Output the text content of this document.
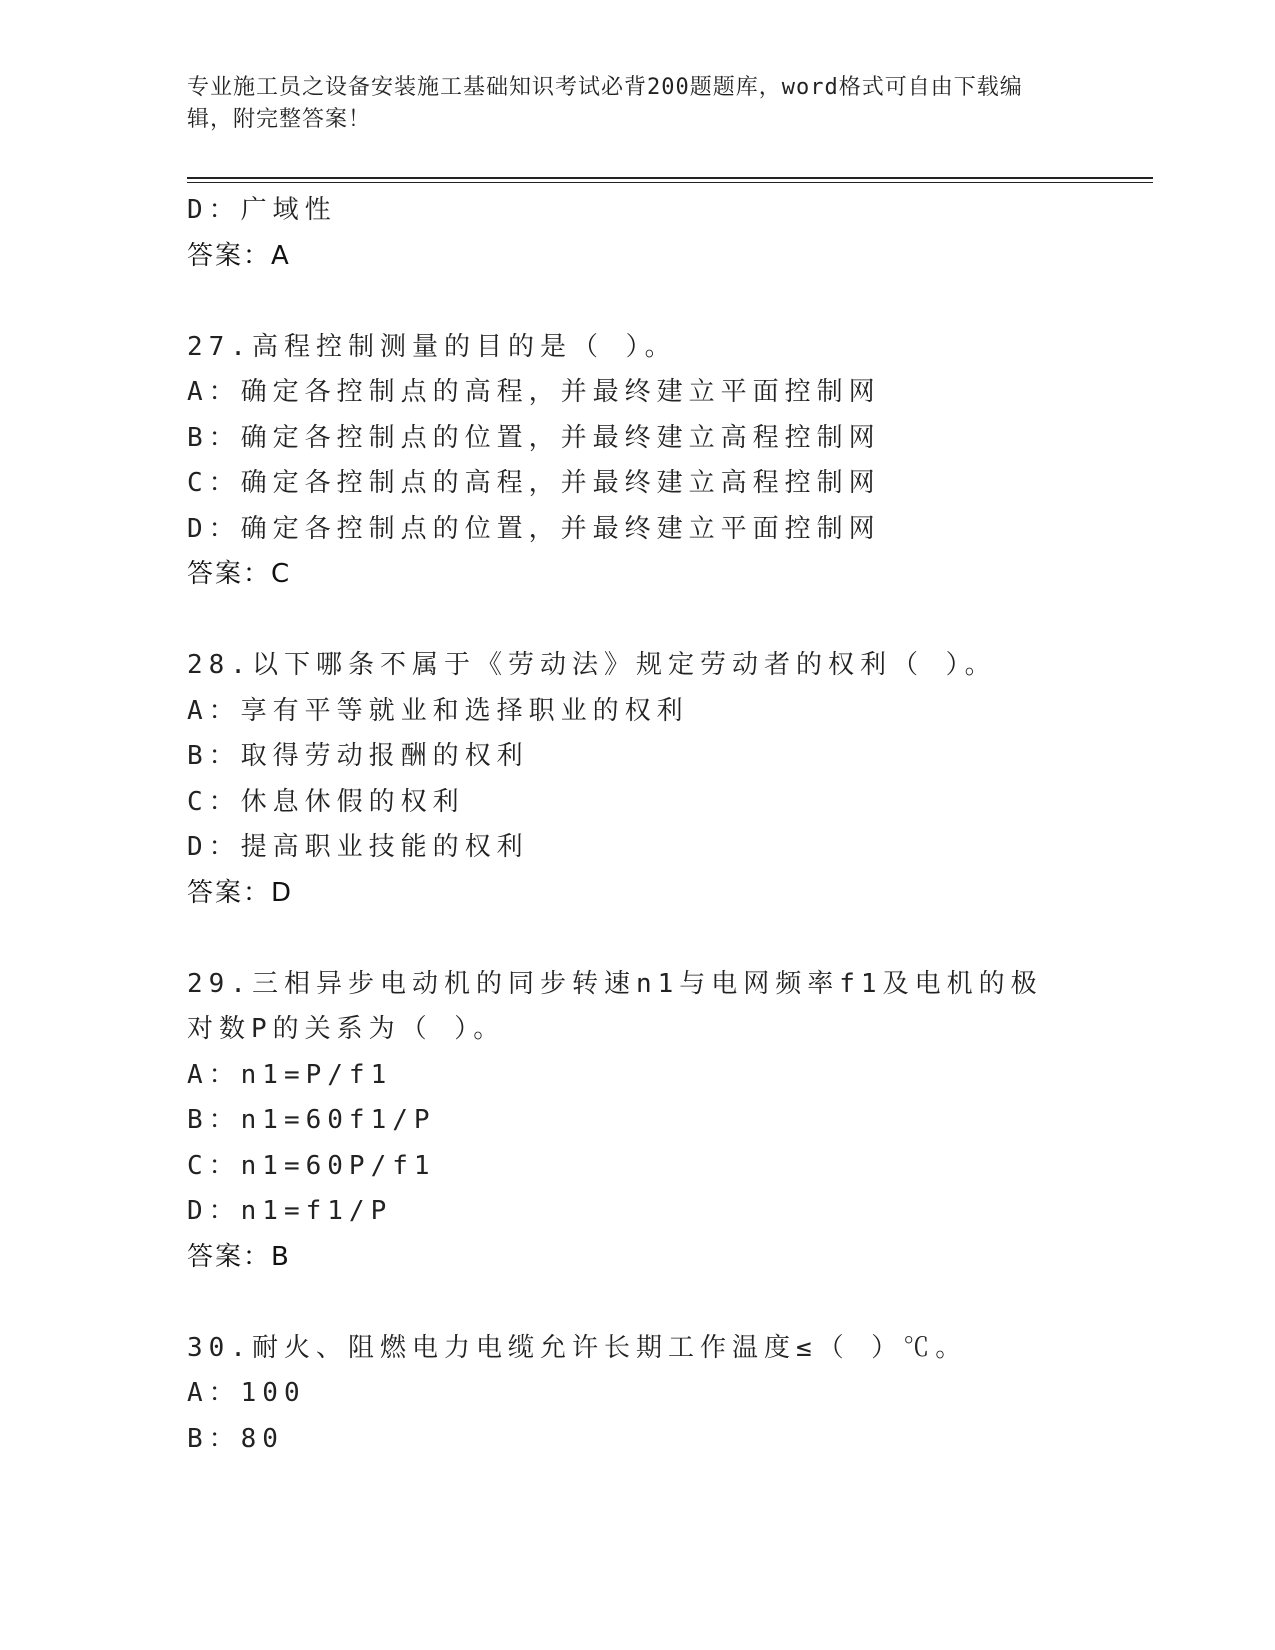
专业施工员之设备安装施工基础知识考试必背200题题库，word格式可自由下载编辑，附完整答案！
D：广域性
答案：A
27.高程控制测量的目的是（ ）。
A：确定各控制点的高程，并最终建立平面控制网
B：确定各控制点的位置，并最终建立高程控制网
C：确定各控制点的高程，并最终建立高程控制网
D：确定各控制点的位置，并最终建立平面控制网
答案：C
28.以下哪条不属于《劳动法》规定劳动者的权利（ ）。
A：享有平等就业和选择职业的权利
B：取得劳动报酬的权利
C：休息休假的权利
D：提高职业技能的权利
答案：D
29.三相异步电动机的同步转速n1与电网频率f1及电机的极对数P的关系为（ ）。
A：n1=P/f1
B：n1=60f1/P
C：n1=60P/f1
D：n1=f1/P
答案：B
30.耐火、阻燃电力电缆允许长期工作温度≤（ ）℃。
A：100
B：80
